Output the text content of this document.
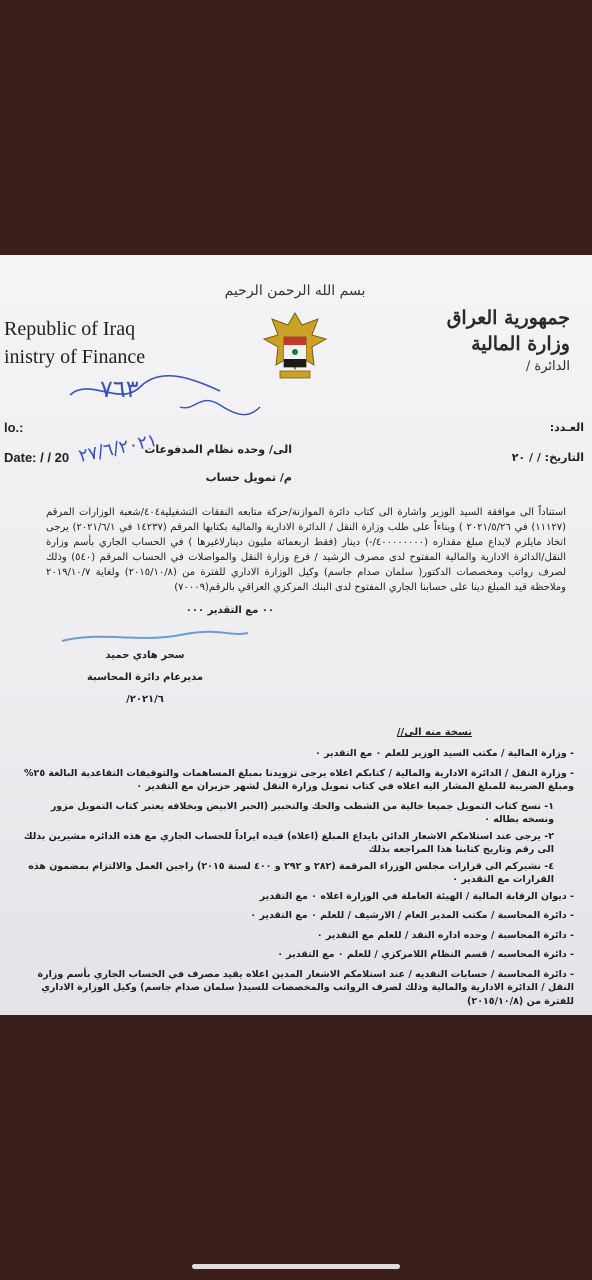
بسم الله الرحمن الرحيم
Republic of Iraq
inistry of Finance
جمهورية العراق
وزارة المالية
الدائرة /
lo.:
Date: / / 20
العـدد:
التاريخ: / / ٢٠
٧٦٣
٢٧/٦/٢٠٢١
الى/ وحده نظام المدفوعات
م/ تمويل حساب
استناداً الى موافقة السيد الوزير واشارة الى كتاب دائرة الموازنة/حركة متابعه النفقات التشغيلية٤٠٤/شعبة الوزارات المرقم (١١١٢٧) في ٢٠٢١/٥/٢٦ ) وبناءاً على طلب وزارة النقل / الدائرة الادارية والمالية بكتابها المرقم (١٤٢٣٧ في ٢٠٢١/٦/١) يرجى اتخاذ مايلزم لايداع مبلغ مقداره (٤٠٠٠٠٠٠٠٠/-) دينار (فقط اربعمائة مليون دينارلاغيرها ) في الحساب الجاري بأسم وزارة النقل/الدائرة الادارية والمالية المفتوح لدى مصرف الرشيد / فرع وزارة النقل والمواصلات في الحساب المرقم (٥٤٠) وذلك لصرف رواتب ومخصصات الدكتور( سلمان صدام جاسم) وكيل الوزارة الاداري للفترة من (٢٠١٥/١٠/٨) ولغاية ٢٠١٩/١٠/٧ وملاحظة قيد المبلغ دينا على حسابنا الجاري المفتوح لدى البنك المركزي العراقي بالرقم(٧٠٠٠٩)
٠٠ مع التقدير ٠٠٠
سحر هادي حميد
مديرعام دائرة المحاسبة
٢٠٢١/٦/
نسخة منه الى//
- وزارة المالية / مكتب السيد الوزير للعلم ٠ مع التقدير ٠
- وزارة النقل / الدائرة الادارية والمالية / كتابكم اعلاه يرجى تزويدنا بمبلغ المساهمات والتوقيفات التقاعدية البالغة ٢٥% ومبلغ الضريبة للمبلغ المشار اليه اعلاه في كتاب تمويل وزارة النقل لشهر حزيران مع التقدير ٠
١- نسخ كتاب التمويل جميعا خالية من الشطب والحك والتحبير (الحبر الابيض وبخلافه يعتبر كتاب التمويل مزور ونسخه بطاله ٠
٢- يرجى عند استلامكم الاشعار الدائن بايداع المبلغ (اعلاه) قيده ايراداً للحساب الجاري مع هذه الدائره مشيرين بذلك الى رقم وتاريخ كتابنا هذا المراجعه بذلك
٤- نشيركم الى قرارات مجلس الوزراء المرقمة (٢٨٢ و ٢٩٢ و ٤٠٠ لسنة ٢٠١٥) راجين العمل والالتزام بمضمون هذه القرارات مع التقدير ٠
- ديوان الرقابة المالية / الهيئة العاملة في الوزارة اعلاه ٠ مع التقدير
- دائرة المحاسبة / مكتب المدير العام / الارشيف / للعلم ٠ مع التقدير ٠
- دائرة المحاسبة / وحده اداره النقد / للعلم مع التقدير ٠
- دائرة المحاسبه / قسم النظام اللامركزي / للعلم ٠ مع التقدير ٠
- دائرة المحاسبة / حسابات النقديه / عند استلامكم الاشعار المدين اعلاه يقيد مصرف في الحساب الجاري بأسم وزارة النقل / الدائرة الادارية والمالية وذلك لصرف الرواتب والمخصصات للسيد( سلمان صدام جاسم) وكيل الوزارة الاداري للفترة من (٢٠١٥/١٠/٨)
